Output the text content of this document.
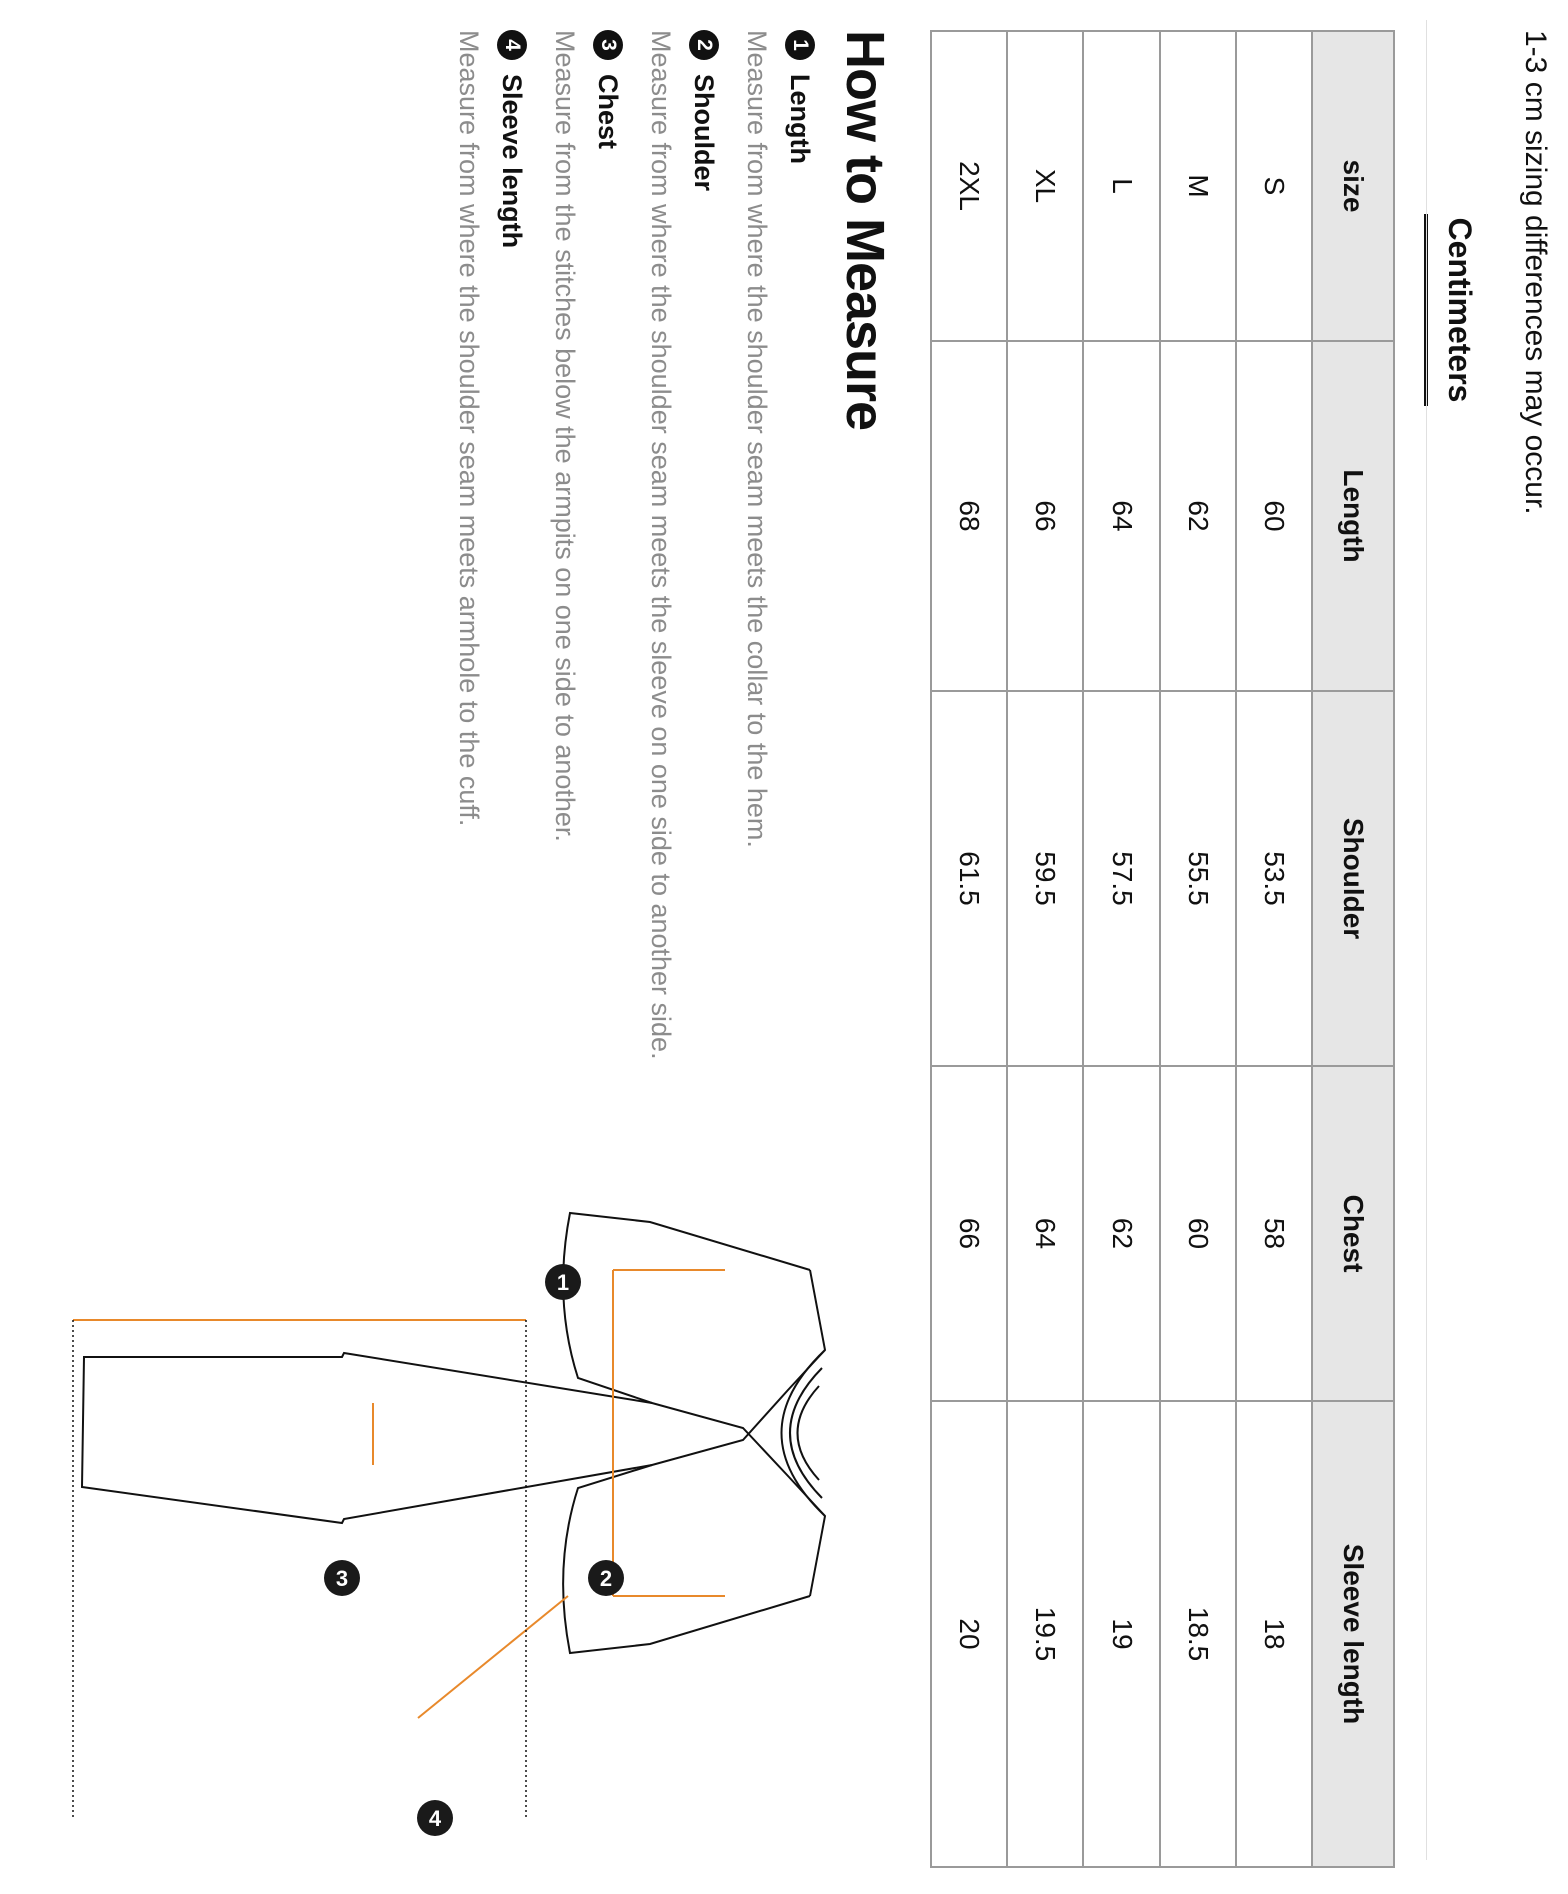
1-3 cm sizing differences may occur.
Centimeters
size	Length	Shoulder	Chest	Sleeve length
S	60	53.5	58	18
M	62	55.5	60	18.5
L	64	57.5	62	19
XL	66	59.5	64	19.5
2XL	68	61.5	66	20
How to Measure
1
Length
Measure from where the shoulder seam meets the collar to the hem.
2
Shoulder
Measure from where the shoulder seam meets the sleeve on one side to another side.
3
Chest
Measure from the stitches below the armpits on one side to another.
4
Sleeve length
Measure from where the shoulder seam meets armhole to the cuff.
1
2
3
4
